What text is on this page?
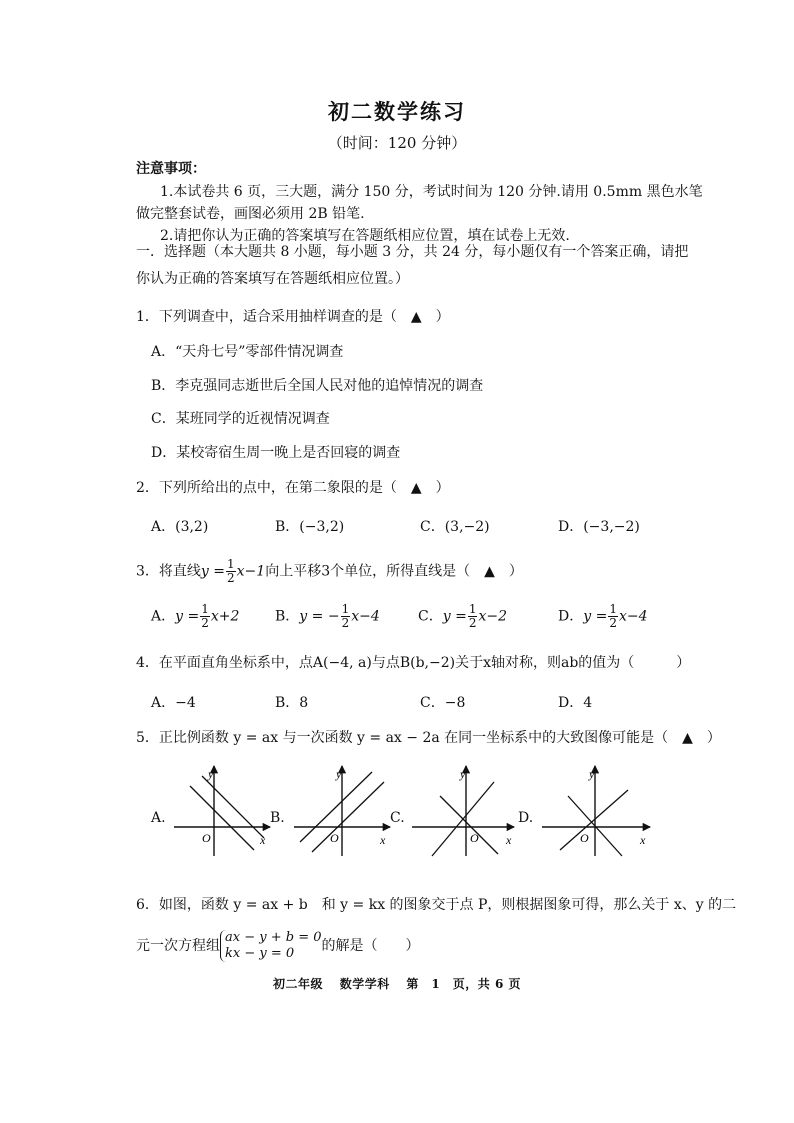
初二数学练习
（时间：120 分钟）
注意事项：
1.本试卷共 6 页，三大题，满分 150 分，考试时间为 120 分钟.请用 0.5mm 黑色水笔
做完整套试卷，画图必须用 2B 铅笔.
2.请把你认为正确的答案填写在答题纸相应位置，填在试卷上无效.
一．选择题（本大题共 8 小题，每小题 3 分，共 24 分，每小题仅有一个答案正确，请把
你认为正确的答案填写在答题纸相应位置。）
1．下列调查中，适合采用抽样调查的是（　▲　）
A．“天舟七号”零部件情况调查
B．李克强同志逝世后全国人民对他的追悼情况的调查
C．某班同学的近视情况调查
D．某校寄宿生周一晚上是否回寝的调查
2．下列所给出的点中，在第二象限的是（　▲　）
A．(3,2)	B．(−3,2)	C．(3,−2)	D．(−3,−2)
3．将直线$y = \frac{1}{2} x-1$向上平移3个单位，所得直线是（　▲　）
A．$y = \frac{1}{2} x+2$	B．y = − $\frac{1}{2} x-4$	C．$y = \frac{1}{2} x-2$	D．$y = \frac{1}{2} x-4$
4．在平面直角坐标系中，点A(−4, a)与点B(b,−2)关于x轴对称，则ab的值为（　　　）
A．−4	B．8	C．−8	D．4
5．正比例函数 y = ax 与一次函数 y = ax − 2a 在同一坐标系中的大致图像可能是（　▲　）
A.	B.	C.	D.
y
O	x
y
O	x
y
O x
y
O	x
6．如图，函数 y = ax + b　和 y = kx 的图象交于点 P，则根据图象可得，那么关于 x、y 的二
元一次方程组
ax − y + b = 0
kx − y = 0	的解是（　　）
初二年级 数学学科 第　1　页，共 6 页
